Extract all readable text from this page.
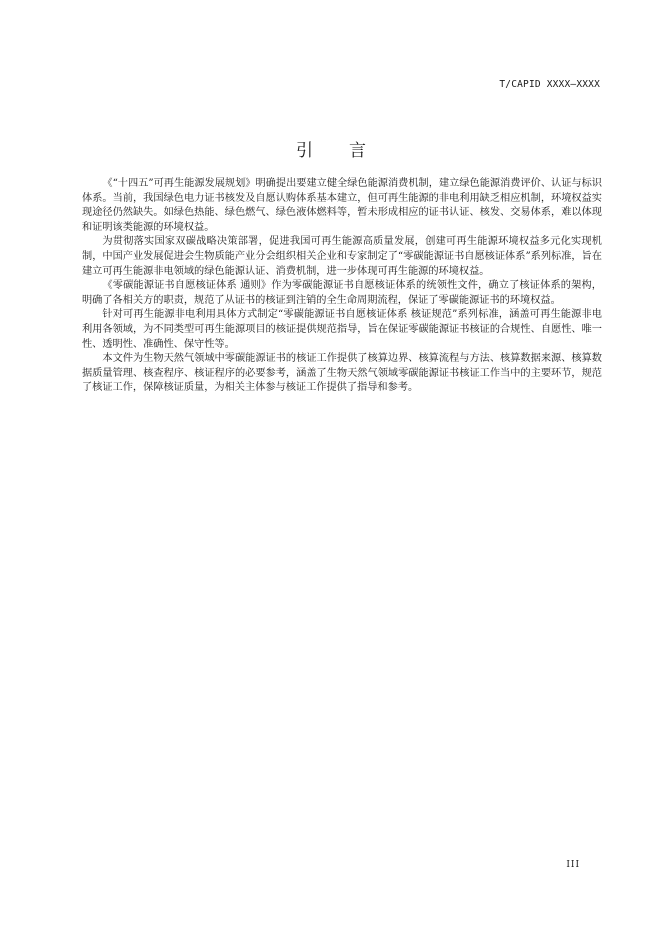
T/CAPID XXXX—XXXX
引言

《“十四五”可再生能源发展规划》明确提出要建立健全绿色能源消费机制，建立绿色能源消费评价、认证与标识体系。当前，我国绿色电力证书核发及自愿认购体系基本建立，但可再生能源的非电利用缺乏相应机制，环境权益实现途径仍然缺失。如绿色热能、绿色燃气、绿色液体燃料等，暂未形成相应的证书认证、核发、交易体系，难以体现和证明该类能源的环境权益。

为贯彻落实国家双碳战略决策部署，促进我国可再生能源高质量发展，创建可再生能源环境权益多元化实现机制，中国产业发展促进会生物质能产业分会组织相关企业和专家制定了“零碳能源证书自愿核证体系”系列标准，旨在建立可再生能源非电领域的绿色能源认证、消费机制，进一步体现可再生能源的环境权益。

《零碳能源证书自愿核证体系 通则》作为零碳能源证书自愿核证体系的统领性文件，确立了核证体系的架构，明确了各相关方的职责，规范了从证书的核证到注销的全生命周期流程，保证了零碳能源证书的环境权益。

针对可再生能源非电利用具体方式制定“零碳能源证书自愿核证体系 核证规范”系列标准，涵盖可再生能源非电利用各领域，为不同类型可再生能源项目的核证提供规范指导，旨在保证零碳能源证书核证的合规性、自愿性、唯一性、透明性、准确性、保守性等。

本文件为生物天然气领域中零碳能源证书的核证工作提供了核算边界、核算流程与方法、核算数据来源、核算数据质量管理、核查程序、核证程序的必要参考，涵盖了生物天然气领域零碳能源证书核证工作当中的主要环节，规范了核证工作，保障核证质量，为相关主体参与核证工作提供了指导和参考。

III
